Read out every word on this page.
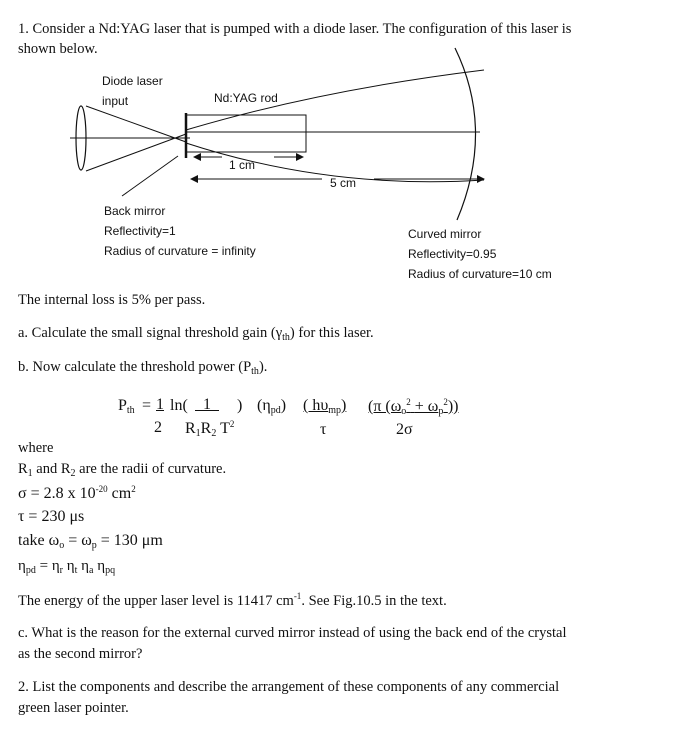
1. Consider a Nd:YAG laser that is pumped with a diode laser. The configuration of this laser is
shown below.
Diode laser
input	Nd:YAG rod
1 cm
5 cm
Back mirror
Reflectivity=1
Radius of curvature = infinity
Curved mirror
Reflectivity=0.95
Radius of curvature=10 cm
The internal loss is 5% per pass.
a. Calculate the small signal threshold gain $(\gamma_{th})$ for this laser.
b. Now calculate the threshold power $(P_{th})$.
$P_{th} = 1$ ln( 1	) $(\eta_{pd})$ ( $h\upsilon_{mp}$) (π $(\omega_o^2 + \omega_p^2)$)
2 $R_1R_2$ $T^2$	τ	2σ
where
$R_1$ and $R_2$ are the radii of curvature.
σ = 2.8 x $10^{-20}$ $cm^2$
τ = 230 μs
take $\omega_o = \omega_p = 130$ μm
$\eta_{pd} = \eta_r$ $\eta_t$ $\eta_a$ $\eta_{pq}$
The energy of the upper laser level is 11417 $cm^{-1}$. See Fig.10.5 in the text.
c. What is the reason for the external curved mirror instead of using the back end of the crystal
as the second mirror?
2. List the components and describe the arrangement of these components of any commercial
green laser pointer.
